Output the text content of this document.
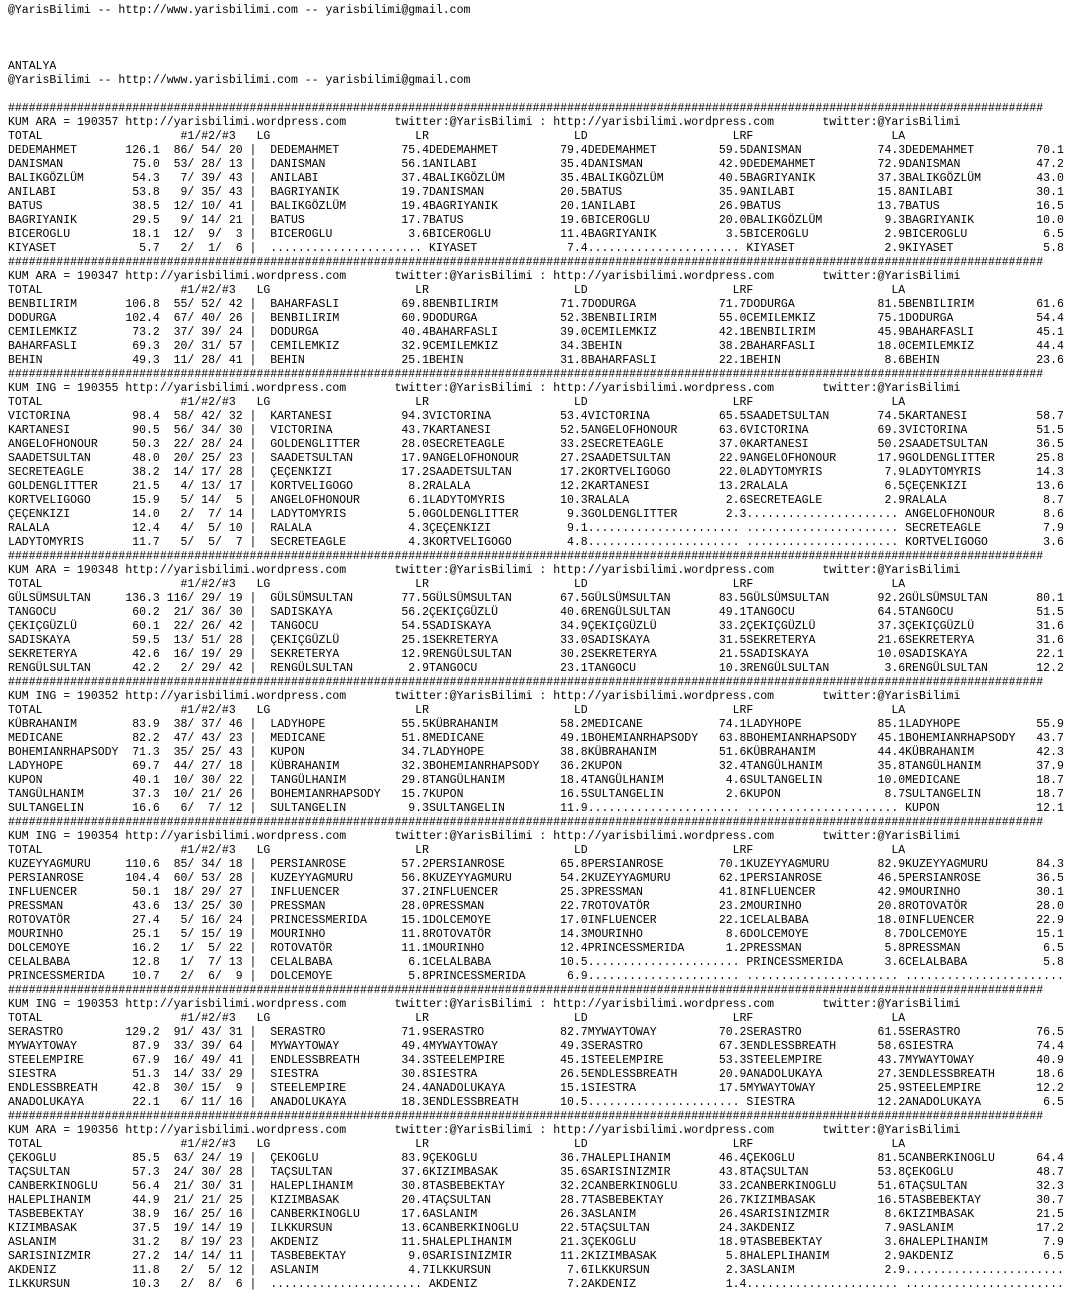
@YarisBilimi -- http://www.yarisbilimi.com -- yarisbilimi@gmail.com
ANTALYA
@YarisBilimi -- http://www.yarisbilimi.com -- yarisbilimi@gmail.com
######################################################################################################################################################
KUM ARA = 190357 http://yarisbilimi.wordpress.com       twitter:@YarisBilimi : http://yarisbilimi.wordpress.com       twitter:@YarisBilimi
TOTAL                    #1/#2/#3   LG                     LR                     LD                     LRF                    LA
DEDEMAHMET       126.1  86/ 54/ 20 |  DEDEMAHMET         75.4DEDEMAHMET         79.4DEDEMAHMET         59.5DANISMAN           74.3DEDEMAHMET         70.1
DANISMAN          75.0  53/ 28/ 13 |  DANISMAN           56.1ANILABI            35.4DANISMAN           42.9DEDEMAHMET         72.9DANISMAN           47.2
BALIKGÖZLÜM       54.3   7/ 39/ 43 |  ANILABI            37.4BALIKGÖZLÜM        35.4BALIKGÖZLÜM        40.5BAGRIYANIK         37.3BALIKGÖZLÜM        43.0
ANILABI           53.8   9/ 35/ 43 |  BAGRIYANIK         19.7DANISMAN           20.5BATUS              35.9ANILABI            15.8ANILABI            30.1
BATUS             38.5  12/ 10/ 41 |  BALIKGÖZLÜM        19.4BAGRIYANIK         20.1ANILABI            26.9BATUS              13.7BATUS              16.5
BAGRIYANIK        29.5   9/ 14/ 21 |  BATUS              17.7BATUS              19.6BICEROGLU          20.0BALIKGÖZLÜM         9.3BAGRIYANIK         10.0
BICEROGLU         18.1  12/  9/  3 |  BICEROGLU           3.6BICEROGLU          11.4BAGRIYANIK          3.5BICEROGLU           2.9BICEROGLU           6.5
KIYASET            5.7   2/  1/  6 |  ...................... KIYASET             7.4...................... KIYASET             2.9KIYASET             5.8
######################################################################################################################################################
KUM ARA = 190347 http://yarisbilimi.wordpress.com       twitter:@YarisBilimi : http://yarisbilimi.wordpress.com       twitter:@YarisBilimi
TOTAL                    #1/#2/#3   LG                     LR                     LD                     LRF                    LA
BENBILIRIM       106.8  55/ 52/ 42 |  BAHARFASLI         69.8BENBILIRIM         71.7DODURGA            71.7DODURGA            81.5BENBILIRIM         61.6
DODURGA          102.4  67/ 40/ 26 |  BENBILIRIM         60.9DODURGA            52.3BENBILIRIM         55.0CEMILEMKIZ         75.1DODURGA            54.4
CEMILEMKIZ        73.2  37/ 39/ 24 |  DODURGA            40.4BAHARFASLI         39.0CEMILEMKIZ         42.1BENBILIRIM         45.9BAHARFASLI         45.1
BAHARFASLI        69.3  20/ 31/ 57 |  CEMILEMKIZ         32.9CEMILEMKIZ         34.3BEHIN              38.2BAHARFASLI         18.0CEMILEMKIZ         44.4
BEHIN             49.3  11/ 28/ 41 |  BEHIN              25.1BEHIN              31.8BAHARFASLI         22.1BEHIN               8.6BEHIN              23.6
######################################################################################################################################################
KUM ING = 190355 http://yarisbilimi.wordpress.com       twitter:@YarisBilimi : http://yarisbilimi.wordpress.com       twitter:@YarisBilimi
TOTAL                    #1/#2/#3   LG                     LR                     LD                     LRF                    LA
VICTORINA         98.4  58/ 42/ 32 |  KARTANESI          94.3VICTORINA          53.4VICTORINA          65.5SAADETSULTAN       74.5KARTANESI          58.7
KARTANESI         90.5  56/ 34/ 30 |  VICTORINA          43.7KARTANESI          52.5ANGELOFHONOUR      63.6VICTORINA          69.3VICTORINA          51.5
ANGELOFHONOUR     50.3  22/ 28/ 24 |  GOLDENGLITTER      28.0SECRETEAGLE        33.2SECRETEAGLE        37.0KARTANESI          50.2SAADETSULTAN       36.5
SAADETSULTAN      48.0  20/ 25/ 23 |  SAADETSULTAN       17.9ANGELOFHONOUR      27.2SAADETSULTAN       22.9ANGELOFHONOUR      17.9GOLDENGLITTER      25.8
SECRETEAGLE       38.2  14/ 17/ 28 |  ÇEÇENKIZI          17.2SAADETSULTAN       17.2KORTVELIGOGO       22.0LADYTOMYRIS         7.9LADYTOMYRIS        14.3
GOLDENGLITTER     21.5   4/ 13/ 17 |  KORTVELIGOGO        8.2RALALA             12.2KARTANESI          13.2RALALA              6.5ÇEÇENKIZI          13.6
KORTVELIGOGO      15.9   5/ 14/  5 |  ANGELOFHONOUR       6.1LADYTOMYRIS        10.3RALALA              2.6SECRETEAGLE         2.9RALALA              8.7
ÇEÇENKIZI         14.0   2/  7/ 14 |  LADYTOMYRIS         5.0GOLDENGLITTER       9.3GOLDENGLITTER       2.3...................... ANGELOFHONOUR       8.6
RALALA            12.4   4/  5/ 10 |  RALALA              4.3ÇEÇENKIZI           9.1...................... ...................... SECRETEAGLE         7.9
LADYTOMYRIS       11.7   5/  5/  7 |  SECRETEAGLE         4.3KORTVELIGOGO        4.8...................... ...................... KORTVELIGOGO        3.6
######################################################################################################################################################
KUM ARA = 190348 http://yarisbilimi.wordpress.com       twitter:@YarisBilimi : http://yarisbilimi.wordpress.com       twitter:@YarisBilimi
TOTAL                    #1/#2/#3   LG                     LR                     LD                     LRF                    LA
GÜLSÜMSULTAN     136.3 116/ 29/ 19 |  GÜLSÜMSULTAN       77.5GÜLSÜMSULTAN       67.5GÜLSÜMSULTAN       83.5GÜLSÜMSULTAN       92.2GÜLSÜMSULTAN       80.1
TANGOCU           60.2  21/ 36/ 30 |  SADISKAYA          56.2ÇEKIÇGÜZLÜ         40.6RENGÜLSULTAN       49.1TANGOCU            64.5TANGOCU            51.5
ÇEKIÇGÜZLÜ        60.1  22/ 26/ 42 |  TANGOCU            54.5SADISKAYA          34.9ÇEKIÇGÜZLÜ         33.2ÇEKIÇGÜZLÜ         37.3ÇEKIÇGÜZLÜ         31.6
SADISKAYA         59.5  13/ 51/ 28 |  ÇEKIÇGÜZLÜ         25.1SEKRETERYA         33.0SADISKAYA          31.5SEKRETERYA         21.6SEKRETERYA         31.6
SEKRETERYA        42.6  16/ 19/ 29 |  SEKRETERYA         12.9RENGÜLSULTAN       30.2SEKRETERYA         21.5SADISKAYA          10.0SADISKAYA          22.1
RENGÜLSULTAN      42.2   2/ 29/ 42 |  RENGÜLSULTAN        2.9TANGOCU            23.1TANGOCU            10.3RENGÜLSULTAN        3.6RENGÜLSULTAN       12.2
######################################################################################################################################################
KUM ING = 190352 http://yarisbilimi.wordpress.com       twitter:@YarisBilimi : http://yarisbilimi.wordpress.com       twitter:@YarisBilimi
TOTAL                    #1/#2/#3   LG                     LR                     LD                     LRF                    LA
KÜBRAHANIM        83.9  38/ 37/ 46 |  LADYHOPE           55.5KÜBRAHANIM         58.2MEDICANE           74.1LADYHOPE           85.1LADYHOPE           55.9
MEDICANE          82.2  47/ 43/ 23 |  MEDICANE           51.8MEDICANE           49.1BOHEMIANRHAPSODY   63.8BOHEMIANRHAPSODY   45.1BOHEMIANRHAPSODY   43.7
BOHEMIANRHAPSODY  71.3  35/ 25/ 43 |  KUPON              34.7LADYHOPE           38.8KÜBRAHANIM         51.6KÜBRAHANIM         44.4KÜBRAHANIM         42.3
LADYHOPE          69.7  44/ 27/ 18 |  KÜBRAHANIM         32.3BOHEMIANRHAPSODY   36.2KUPON              32.4TANGÜLHANIM        35.8TANGÜLHANIM        37.9
KUPON             40.1  10/ 30/ 22 |  TANGÜLHANIM        29.8TANGÜLHANIM        18.4TANGÜLHANIM         4.6SULTANGELIN        10.0MEDICANE           18.7
TANGÜLHANIM       37.3  10/ 21/ 26 |  BOHEMIANRHAPSODY   15.7KUPON              16.5SULTANGELIN         2.6KUPON               8.7SULTANGELIN        18.7
SULTANGELIN       16.6   6/  7/ 12 |  SULTANGELIN         9.3SULTANGELIN        11.9...................... ...................... KUPON              12.1
######################################################################################################################################################
KUM ING = 190354 http://yarisbilimi.wordpress.com       twitter:@YarisBilimi : http://yarisbilimi.wordpress.com       twitter:@YarisBilimi
TOTAL                    #1/#2/#3   LG                     LR                     LD                     LRF                    LA
KUZEYYAGMURU     110.6  85/ 34/ 18 |  PERSIANROSE        57.2PERSIANROSE        65.8PERSIANROSE        70.1KUZEYYAGMURU       82.9KUZEYYAGMURU       84.3
PERSIANROSE      104.4  60/ 53/ 28 |  KUZEYYAGMURU       56.8KUZEYYAGMURU       54.2KUZEYYAGMURU       62.1PERSIANROSE        46.5PERSIANROSE        36.5
INFLUENCER        50.1  18/ 29/ 27 |  INFLUENCER         37.2INFLUENCER         25.3PRESSMAN           41.8INFLUENCER         42.9MOURINHO           30.1
PRESSMAN          43.6  13/ 25/ 30 |  PRESSMAN           28.0PRESSMAN           22.7ROTOVATÖR          23.2MOURINHO           20.8ROTOVATÖR          28.0
ROTOVATÖR         27.4   5/ 16/ 24 |  PRINCESSMERIDA     15.1DOLCEMOYE          17.0INFLUENCER         22.1CELALBABA          18.0INFLUENCER         22.9
MOURINHO          25.1   5/ 15/ 19 |  MOURINHO           11.8ROTOVATÖR          14.3MOURINHO            8.6DOLCEMOYE           8.7DOLCEMOYE          15.1
DOLCEMOYE         16.2   1/  5/ 22 |  ROTOVATÖR          11.1MOURINHO           12.4PRINCESSMERIDA      1.2PRESSMAN            5.8PRESSMAN            6.5
CELALBABA         12.8   1/  7/ 13 |  CELALBABA           6.1CELALBABA          10.5...................... PRINCESSMERIDA      3.6CELALBABA           5.8
PRINCESSMERIDA    10.7   2/  6/  9 |  DOLCEMOYE           5.8PRINCESSMERIDA      6.9...................... ...................... .......................
######################################################################################################################################################
KUM ING = 190353 http://yarisbilimi.wordpress.com       twitter:@YarisBilimi : http://yarisbilimi.wordpress.com       twitter:@YarisBilimi
TOTAL                    #1/#2/#3   LG                     LR                     LD                     LRF                    LA
SERASTRO         129.2  91/ 43/ 31 |  SERASTRO           71.9SERASTRO           82.7MYWAYTOWAY         70.2SERASTRO           61.5SERASTRO           76.5
MYWAYTOWAY        87.9  33/ 39/ 64 |  MYWAYTOWAY         49.4MYWAYTOWAY         49.3SERASTRO           67.3ENDLESSBREATH      58.6SIESTRA            74.4
STEELEMPIRE       67.9  16/ 49/ 41 |  ENDLESSBREATH      34.3STEELEMPIRE        45.1STEELEMPIRE        53.3STEELEMPIRE        43.7MYWAYTOWAY         40.9
SIESTRA           51.3  14/ 33/ 29 |  SIESTRA            30.8SIESTRA            26.5ENDLESSBREATH      20.9ANADOLUKAYA        27.3ENDLESSBREATH      18.6
ENDLESSBREATH     42.8  30/ 15/  9 |  STEELEMPIRE        24.4ANADOLUKAYA        15.1SIESTRA            17.5MYWAYTOWAY         25.9STEELEMPIRE        12.2
ANADOLUKAYA       22.1   6/ 11/ 16 |  ANADOLUKAYA        18.3ENDLESSBREATH      10.5...................... SIESTRA            12.2ANADOLUKAYA         6.5
######################################################################################################################################################
KUM ARA = 190356 http://yarisbilimi.wordpress.com       twitter:@YarisBilimi : http://yarisbilimi.wordpress.com       twitter:@YarisBilimi
TOTAL                    #1/#2/#3   LG                     LR                     LD                     LRF                    LA
ÇEKOGLU           85.5  63/ 24/ 19 |  ÇEKOGLU            83.9ÇEKOGLU            36.7HALEPLIHANIM       46.4ÇEKOGLU            81.5CANBERKINOGLU      64.4
TAÇSULTAN         57.3  24/ 30/ 28 |  TAÇSULTAN          37.6KIZIMBASAK         35.6SARISINIZMIR       43.8TAÇSULTAN          53.8ÇEKOGLU            48.7
CANBERKINOGLU     56.4  21/ 30/ 31 |  HALEPLIHANIM       30.8TASBEBEKTAY        32.2CANBERKINOGLU      33.2CANBERKINOGLU      51.6TAÇSULTAN          32.3
HALEPLIHANIM      44.9  21/ 21/ 25 |  KIZIMBASAK         20.4TAÇSULTAN          28.7TASBEBEKTAY        26.7KIZIMBASAK         16.5TASBEBEKTAY        30.7
TASBEBEKTAY       38.9  16/ 25/ 16 |  CANBERKINOGLU      17.6ASLANIM            26.3ASLANIM            26.4SARISINIZMIR        8.6KIZIMBASAK         21.5
KIZIMBASAK        37.5  19/ 14/ 19 |  ILKKURSUN          13.6CANBERKINOGLU      22.5TAÇSULTAN          24.3AKDENIZ             7.9ASLANIM            17.2
ASLANIM           31.2   8/ 19/ 23 |  AKDENIZ            11.5HALEPLIHANIM       21.3ÇEKOGLU            18.9TASBEBEKTAY         3.6HALEPLIHANIM        7.9
SARISINIZMIR      27.2  14/ 14/ 11 |  TASBEBEKTAY         9.0SARISINIZMIR       11.2KIZIMBASAK          5.8HALEPLIHANIM        2.9AKDENIZ             6.5
AKDENIZ           11.8   2/  5/ 12 |  ASLANIM             4.7ILKKURSUN           7.6ILKKURSUN           2.3ASLANIM             2.9.......................
ILKKURSUN         10.3   2/  8/  6 |  ...................... AKDENIZ             7.2AKDENIZ             1.4...................... .......................
